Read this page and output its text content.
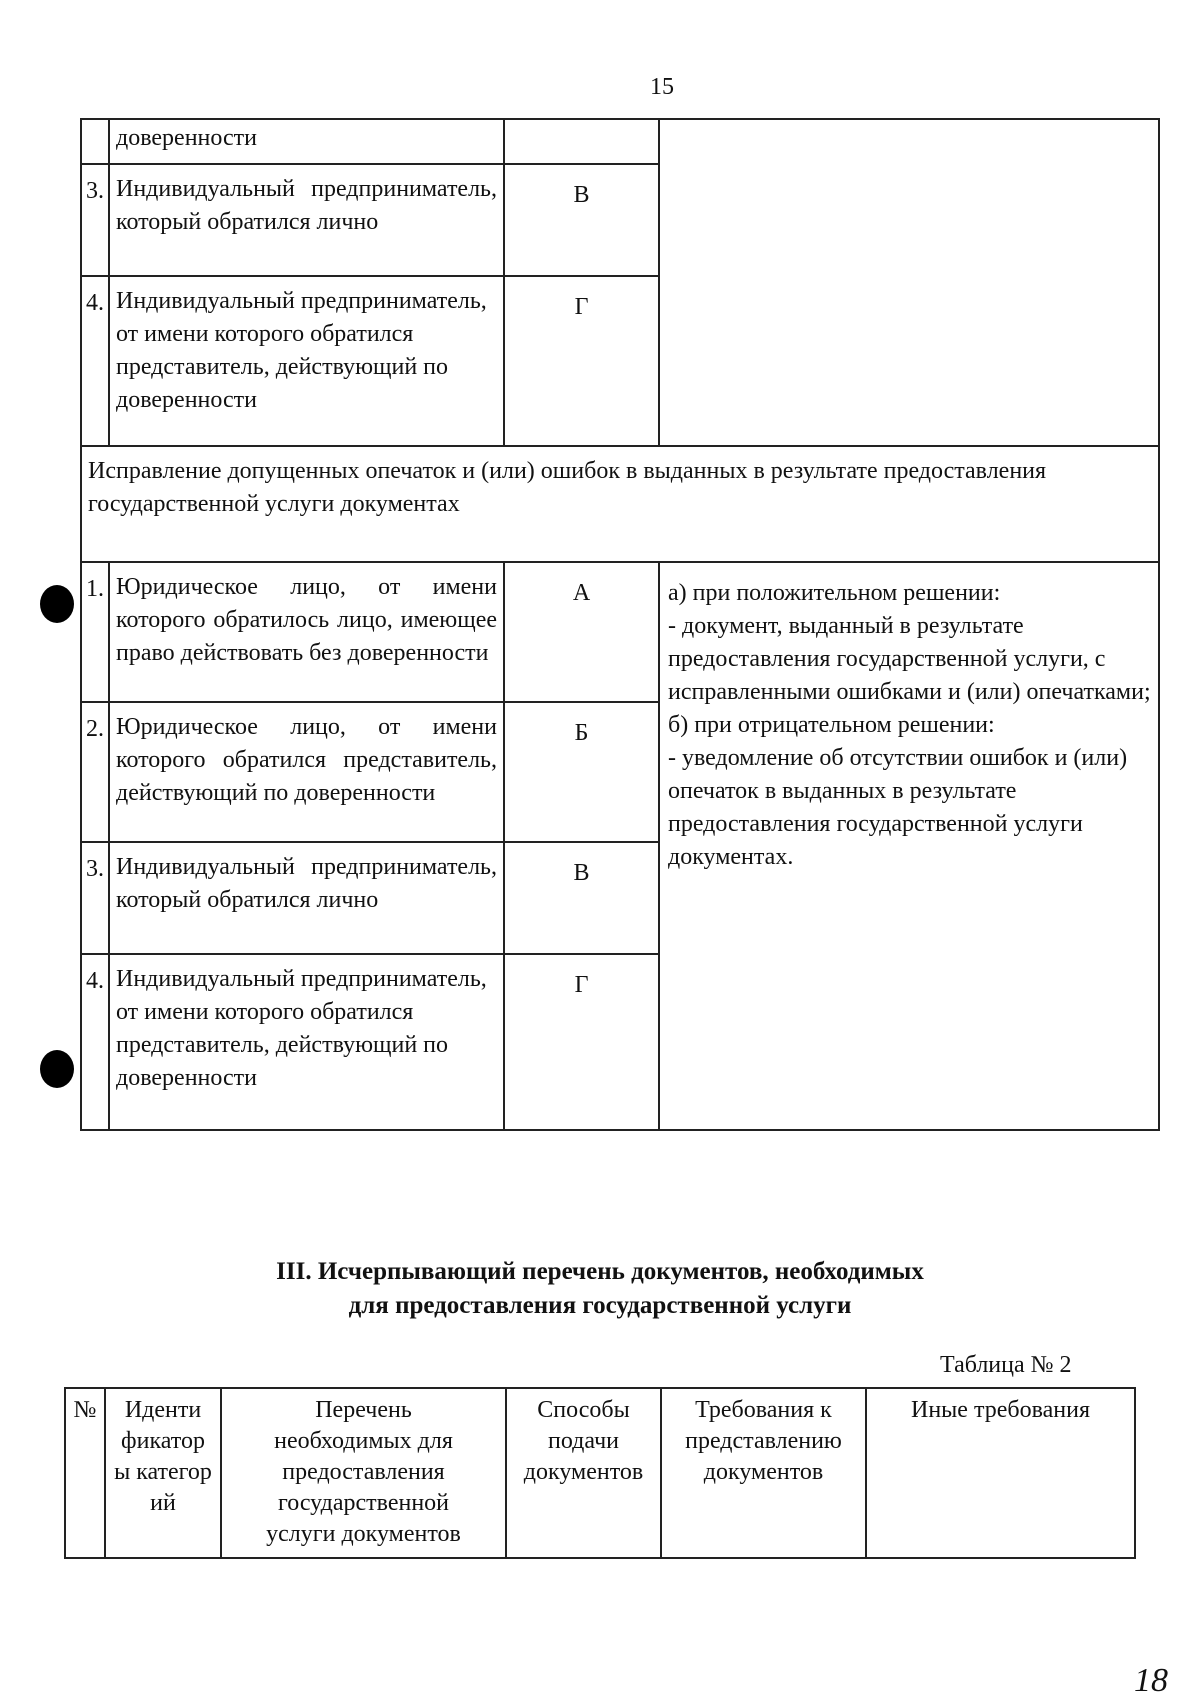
15
	доверенности		
3.	Индивидуальный предприниматель, который обратился лично	В	
4.	Индивидуальный предприниматель, от имени которого обратился представитель, действующий по доверенности	Г	
Исправление допущенных опечаток и (или) ошибок в выданных в результате предоставления государственной услуги документах			
1.	Юридическое лицо, от имени которого обратилось лицо, имеющее право действовать без доверенности	А	а) при положительном решении:
- документ, выданный в результате предоставления государственной услуги, с исправленными ошибками и (или) опечатками;
б) при отрицательном решении:
- уведомление об отсутствии ошибок и (или) опечаток в выданных в результате предоставления государственной услуги документах.
2.	Юридическое лицо, от имени которого обратился представитель, действующий по доверенности	Б	
3.	Индивидуальный предприниматель, который обратился лично	В	
4.	Индивидуальный предприниматель, от имени которого обратился представитель, действующий по доверенности	Г	
III. Исчерпывающий перечень документов, необходимых
для предоставления государственной услуги
Таблица № 2
№	Иденти фикатор ы категор ий	Перечень необходимых для предоставления государственной услуги документов	Способы подачи документов	Требования к представлению документов	Иные требования
18
